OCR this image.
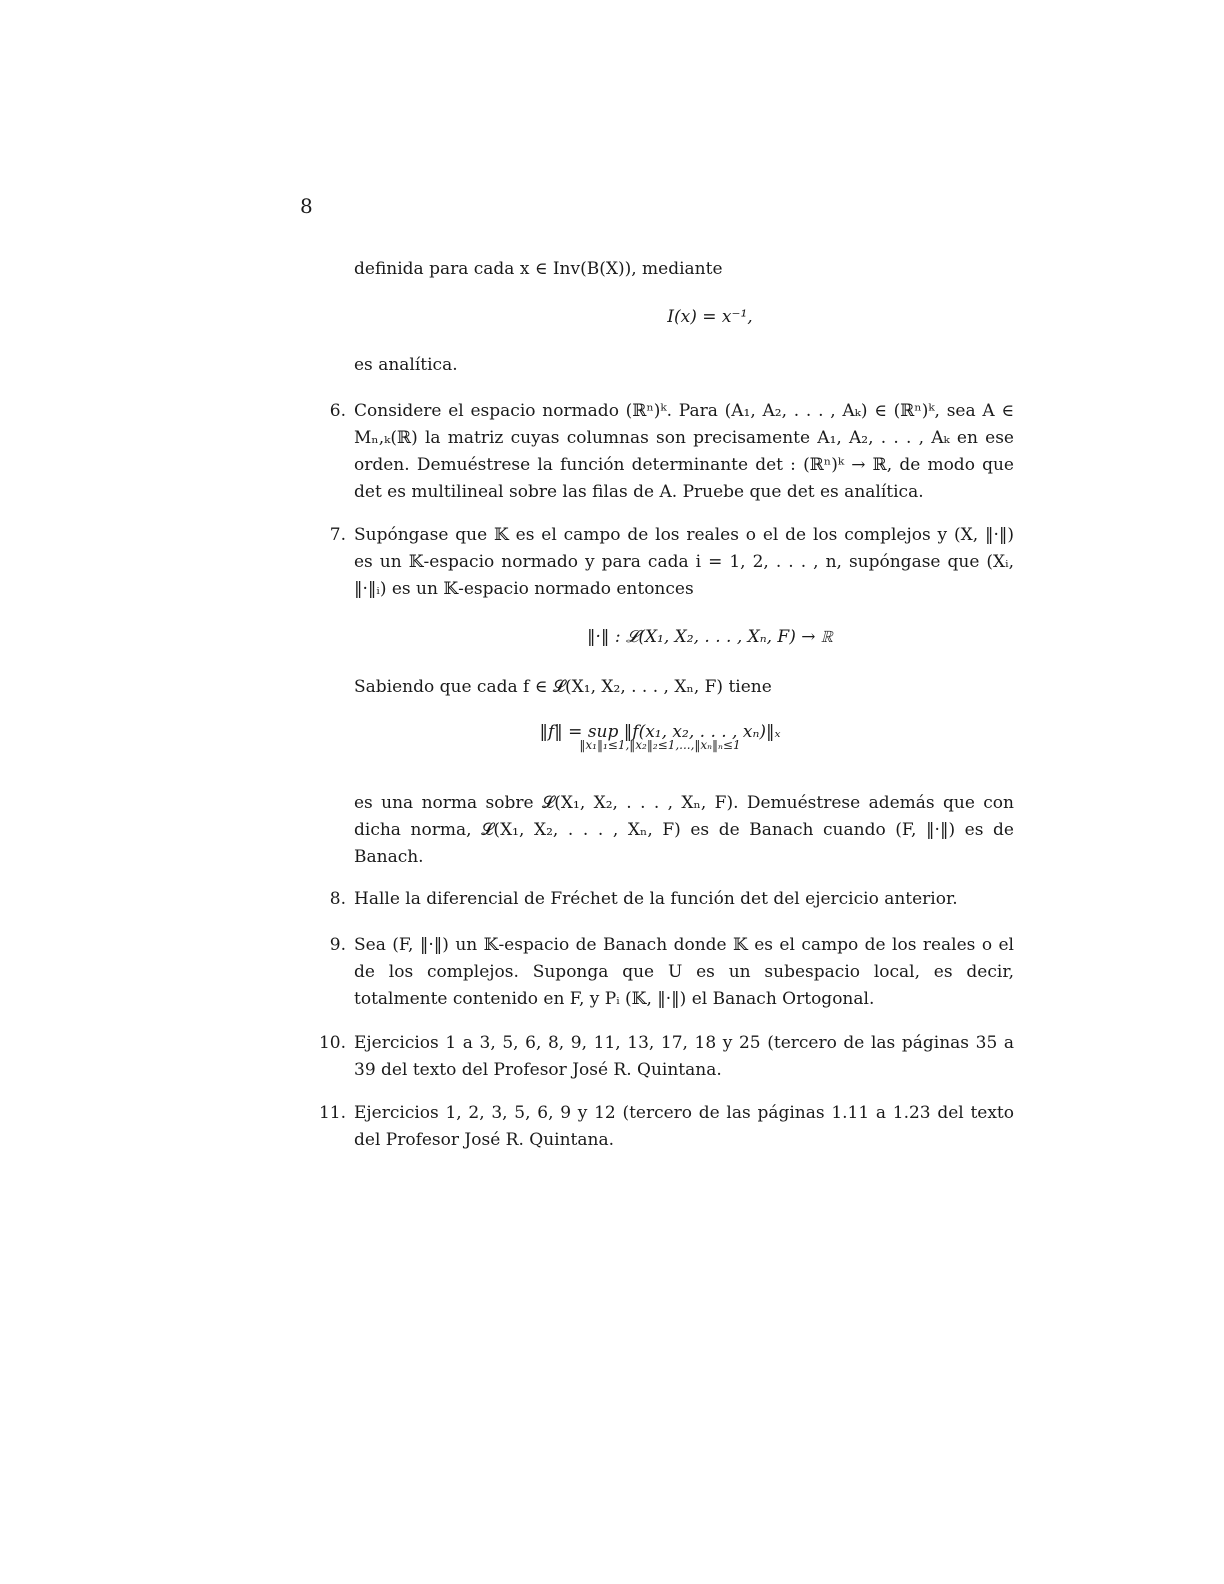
8
definida para cada x ∈ Inv(B(X)), mediante
I(x) = x⁻¹,
es analítica.
6. Considere el espacio normado (ℝⁿ)ᵏ. Para (A₁, A₂, . . . , Aₖ) ∈ (ℝⁿ)ᵏ, sea A ∈ Mₙ,ₖ(ℝ) la matriz cuyas columnas son precisamente A₁, A₂, . . . , Aₖ en ese orden. Demuéstrese la función determinante det : (ℝⁿ)ᵏ → ℝ, de modo que det es multilineal sobre las filas de A. Pruebe que det es analítica.
7. Supóngase que 𝕂 es el campo de los reales o el de los complejos y (X, ‖·‖) es un 𝕂-espacio normado y para cada i = 1, 2, . . . , n, supóngase que (Xᵢ, ‖·‖ᵢ) es un 𝕂-espacio normado entonces
‖·‖ : 𝓛(X₁, X₂, . . . , Xₙ, F) → ℝ
Sabiendo que cada f ∈ 𝓛(X₁, X₂, . . . , Xₙ, F) tiene
‖f‖ = sup ‖f(x₁, x₂, . . . , xₙ)‖ₓ
‖x₁‖₁≤1,‖x₂‖₂≤1,...,‖xₙ‖ₙ≤1
es una norma sobre 𝓛(X₁, X₂, . . . , Xₙ, F). Demuéstrese además que con dicha norma, 𝓛(X₁, X₂, . . . , Xₙ, F) es de Banach cuando (F, ‖·‖) es de Banach.
8. Halle la diferencial de Fréchet de la función det del ejercicio anterior.
9. Sea (F, ‖·‖) un 𝕂-espacio de Banach donde 𝕂 es el campo de los reales o el de los complejos. Suponga que U es un subespacio local, es decir, totalmente contenido en F, y Pᵢ (𝕂, ‖·‖) el Banach Ortogonal.
10. Ejercicios 1 a 3, 5, 6, 8, 9, 11, 13, 17, 18 y 25 (tercero de las páginas 35 a 39 del texto del Profesor José R. Quintana.
11. Ejercicios 1, 2, 3, 5, 6, 9 y 12 (tercero de las páginas 1.11 a 1.23 del texto del Profesor José R. Quintana.
